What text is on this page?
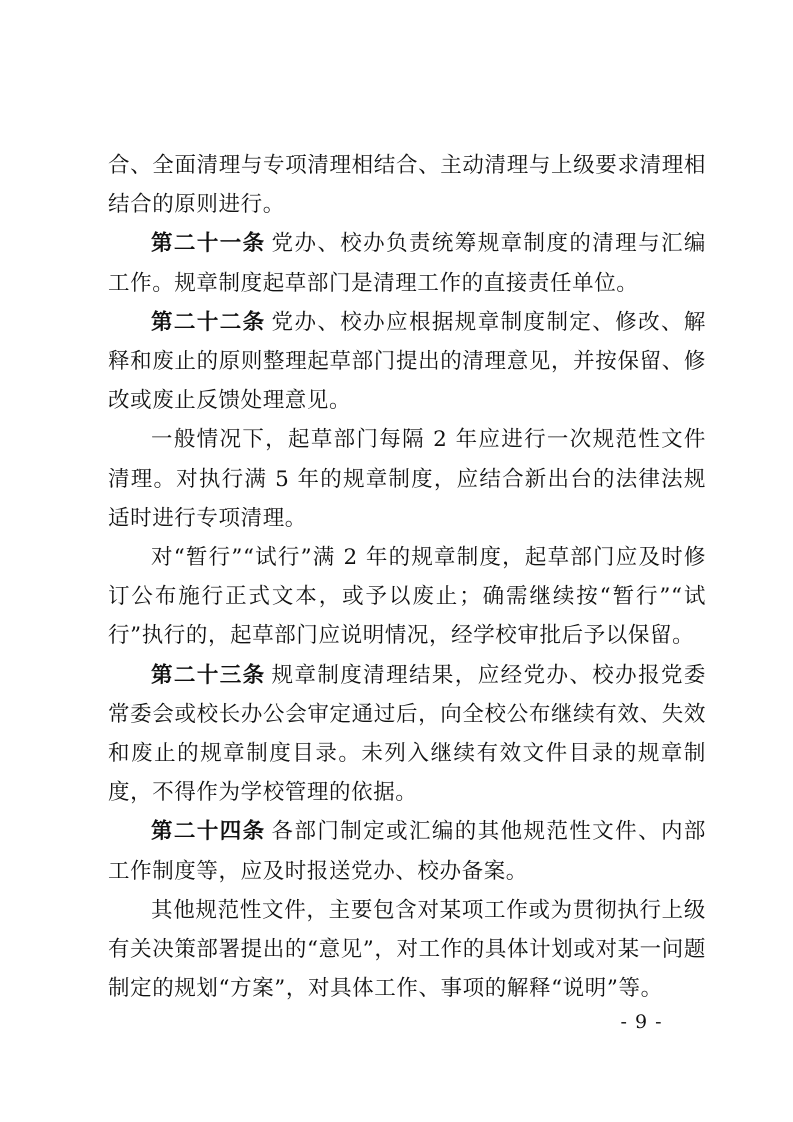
合、全面清理与专项清理相结合、主动清理与上级要求清理相结合的原则进行。

第二十一条 党办、校办负责统筹规章制度的清理与汇编工作。规章制度起草部门是清理工作的直接责任单位。

第二十二条 党办、校办应根据规章制度制定、修改、解释和废止的原则整理起草部门提出的清理意见，并按保留、修改或废止反馈处理意见。

一般情况下，起草部门每隔 2 年应进行一次规范性文件清理。对执行满 5 年的规章制度，应结合新出台的法律法规适时进行专项清理。

对“暂行”“试行”满 2 年的规章制度，起草部门应及时修订公布施行正式文本，或予以废止；确需继续按“暂行”“试行”执行的，起草部门应说明情况，经学校审批后予以保留。

第二十三条 规章制度清理结果，应经党办、校办报党委常委会或校长办公会审定通过后，向全校公布继续有效、失效和废止的规章制度目录。未列入继续有效文件目录的规章制度，不得作为学校管理的依据。

第二十四条 各部门制定或汇编的其他规范性文件、内部工作制度等，应及时报送党办、校办备案。

其他规范性文件，主要包含对某项工作或为贯彻执行上级有关决策部署提出的“意见”，对工作的具体计划或对某一问题制定的规划“方案”，对具体工作、事项的解释“说明”等。

- 9 -
